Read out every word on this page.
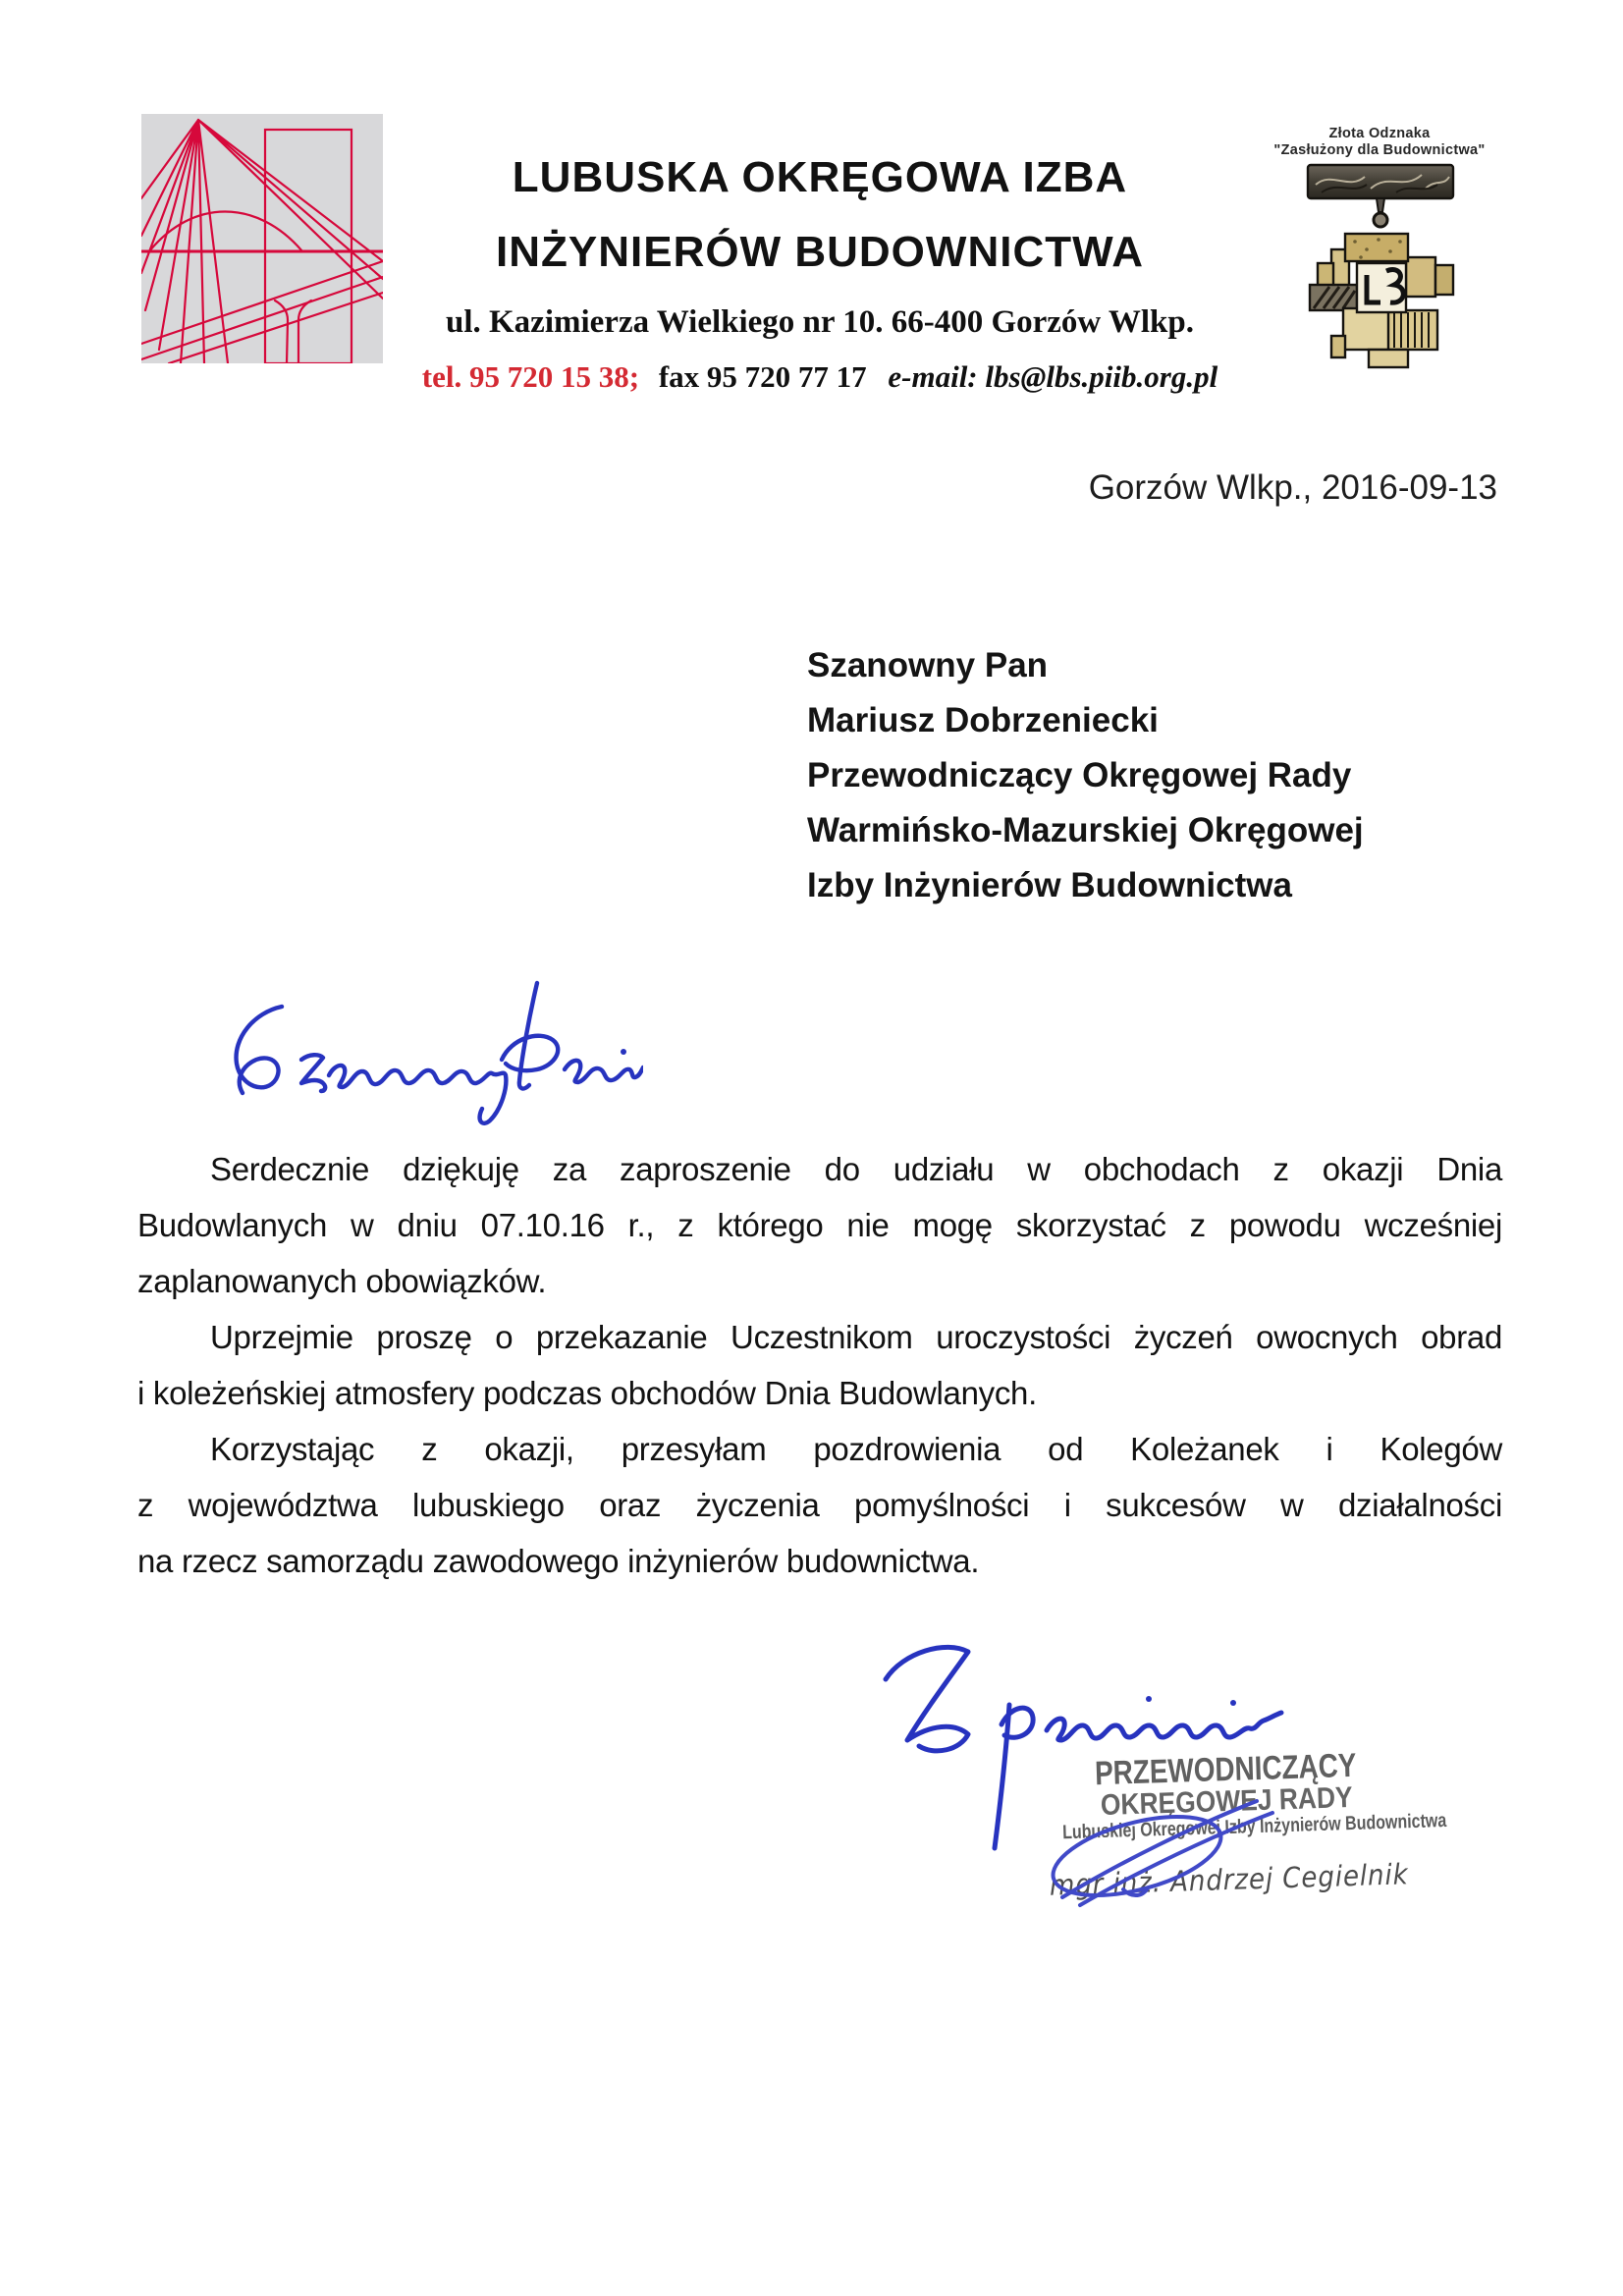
LUBUSKA OKRĘGOWA IZBA
INŻYNIERÓW BUDOWNICTWA
ul. Kazimierza Wielkiego nr 10. 66-400 Gorzów Wlkp.
tel. 95 720 15 38; fax 95 720 77 17 e-mail: lbs@lbs.piib.org.pl
Złota Odznaka
"Zasłużony dla Budownictwa"
Gorzów Wlkp., 2016-09-13
Szanowny Pan
Mariusz Dobrzeniecki
Przewodniczący Okręgowej Rady
Warmińsko-Mazurskiej Okręgowej
Izby Inżynierów Budownictwa
Serdecznie dziękuję za zaproszenie do udziału w obchodach z okazji Dnia
Budowlanych w dniu 07.10.16 r., z którego nie mogę skorzystać z powodu wcześniej
zaplanowanych obowiązków.
Uprzejmie proszę o przekazanie Uczestnikom uroczystości życzeń owocnych obrad
i koleżeńskiej atmosfery podczas obchodów Dnia Budowlanych.
Korzystając z okazji, przesyłam pozdrowienia od Koleżanek i Kolegów
z województwa lubuskiego oraz życzenia pomyślności i sukcesów w działalności
na rzecz samorządu zawodowego inżynierów budownictwa.
PRZEWODNICZĄCY
OKRĘGOWEJ RADY
Lubuskiej Okręgowej Izby Inżynierów Budownictwa
mgr inż. Andrzej Cegielnik
